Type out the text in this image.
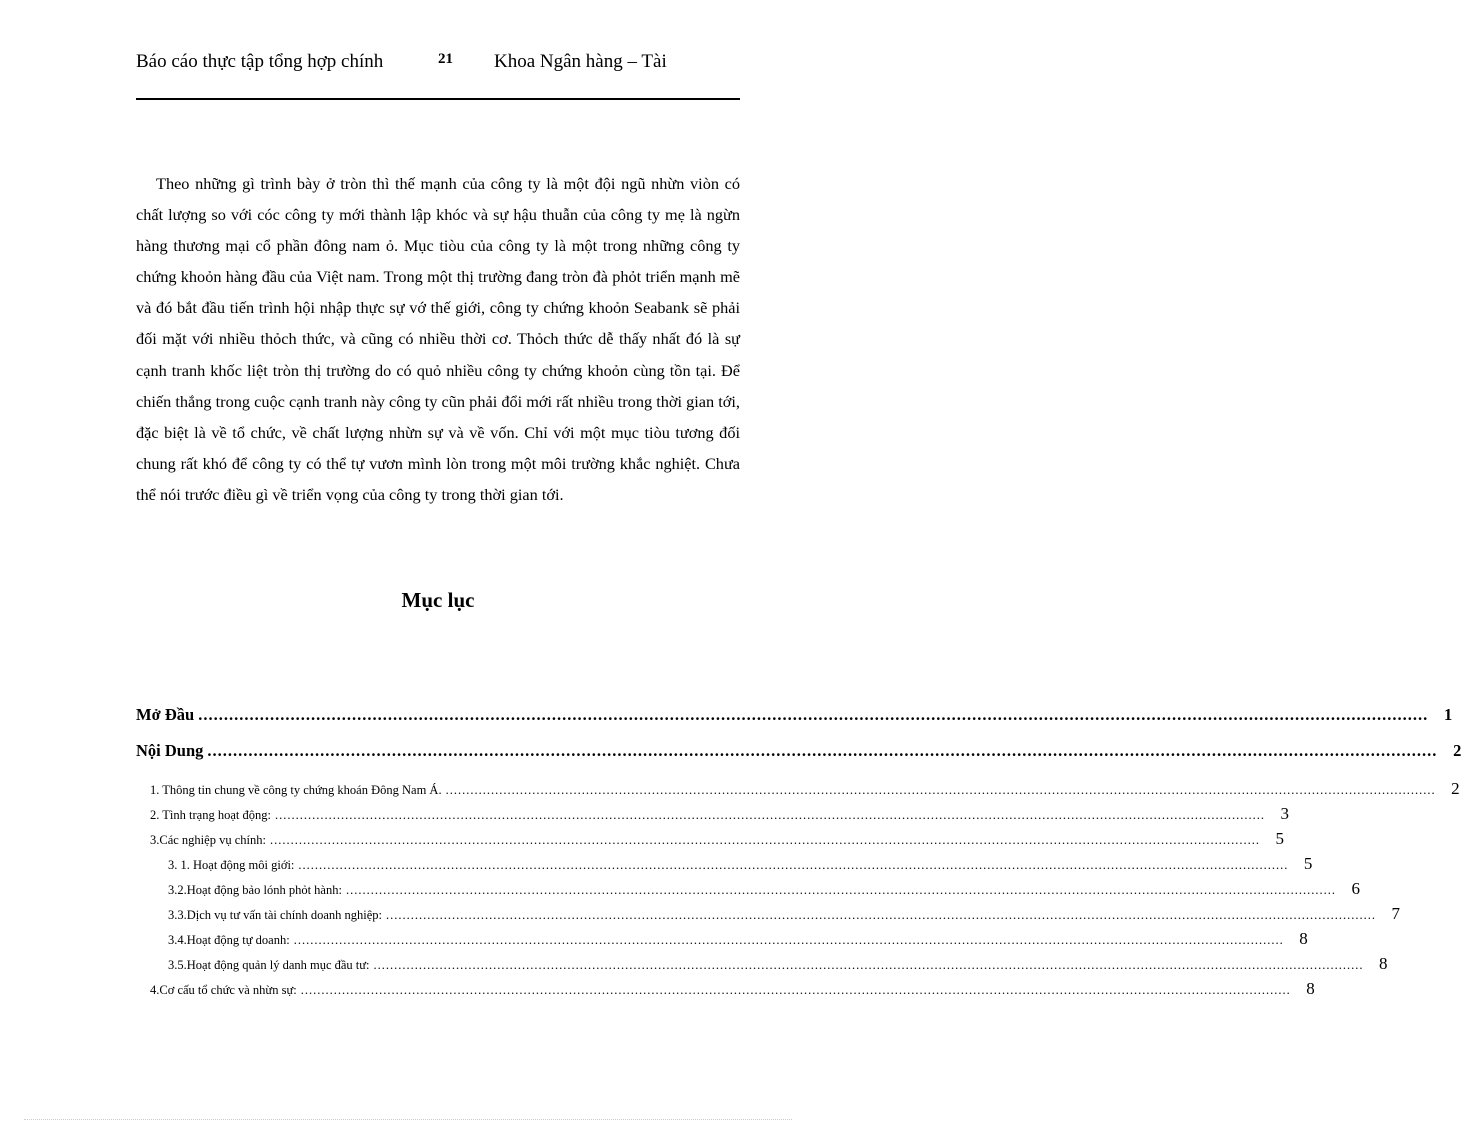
Báo cáo thực tập tổng hợp chính	21 Khoa Ngân hàng – Tài

Theo những gì trình bày ở tròn thì thế mạnh của công ty là một đội ngũ nhừn viòn có chất lượng so với cóc công ty mới thành lập khóc và sự hậu thuẫn của công ty mẹ là ngừn hàng thương mại cổ phần đông nam ỏ. Mục tiòu của công ty là một trong những công ty chứng khoỏn hàng đầu của Việt nam. Trong một thị trường đang tròn đà phỏt triển mạnh mẽ và đó bắt đầu tiến trình hội nhập thực sự vớ thế giới, công ty chứng khoỏn Seabank sẽ phải đối mặt với nhiều thỏch thức, và cũng có nhiều thời cơ. Thỏch thức dễ thấy nhất đó là sự cạnh tranh khốc liệt tròn thị trường do có quỏ nhiều công ty chứng khoỏn cùng tồn tại. Để chiến thắng trong cuộc cạnh tranh này công ty cũn phải đổi mới rất nhiều trong thời gian tới, đặc biệt là về tổ chức, về chất lượng nhừn sự và về vốn. Chỉ với một mục tiòu tương đối chung rất khó để công ty có thể tự vươn mình lòn trong một môi trường khắc nghiệt. Chưa thể nói trước điều gì về triển vọng của công ty trong thời gian tới.

Mục lục
Mở Đầu ................................................................................................................................................................................................................................................ 1
Nội Dung ................................................................................................................................................................................................................................................ 2
1. Thông tin chung về công ty chứng khoán Đông Nam Á. ................................................................................................................................................................................................................................................ 2
2. Tình trạng hoạt động: ................................................................................................................................................................................................................................................ 3
3.Các nghiệp vụ chính: ................................................................................................................................................................................................................................................ 5
3. 1. Hoạt động môi giới: ................................................................................................................................................................................................................................................ 5
3.2.Hoạt động bảo lónh phỏt hành: ................................................................................................................................................................................................................................................ 6
3.3.Dịch vụ tư vấn tài chính doanh nghiệp: ................................................................................................................................................................................................................................................ 7
3.4.Hoạt động tự doanh: ................................................................................................................................................................................................................................................ 8
3.5.Hoạt động quản lý danh mục đầu tư: ................................................................................................................................................................................................................................................ 8
4.Cơ cấu tổ chức và nhừn sự: ................................................................................................................................................................................................................................................ 8
